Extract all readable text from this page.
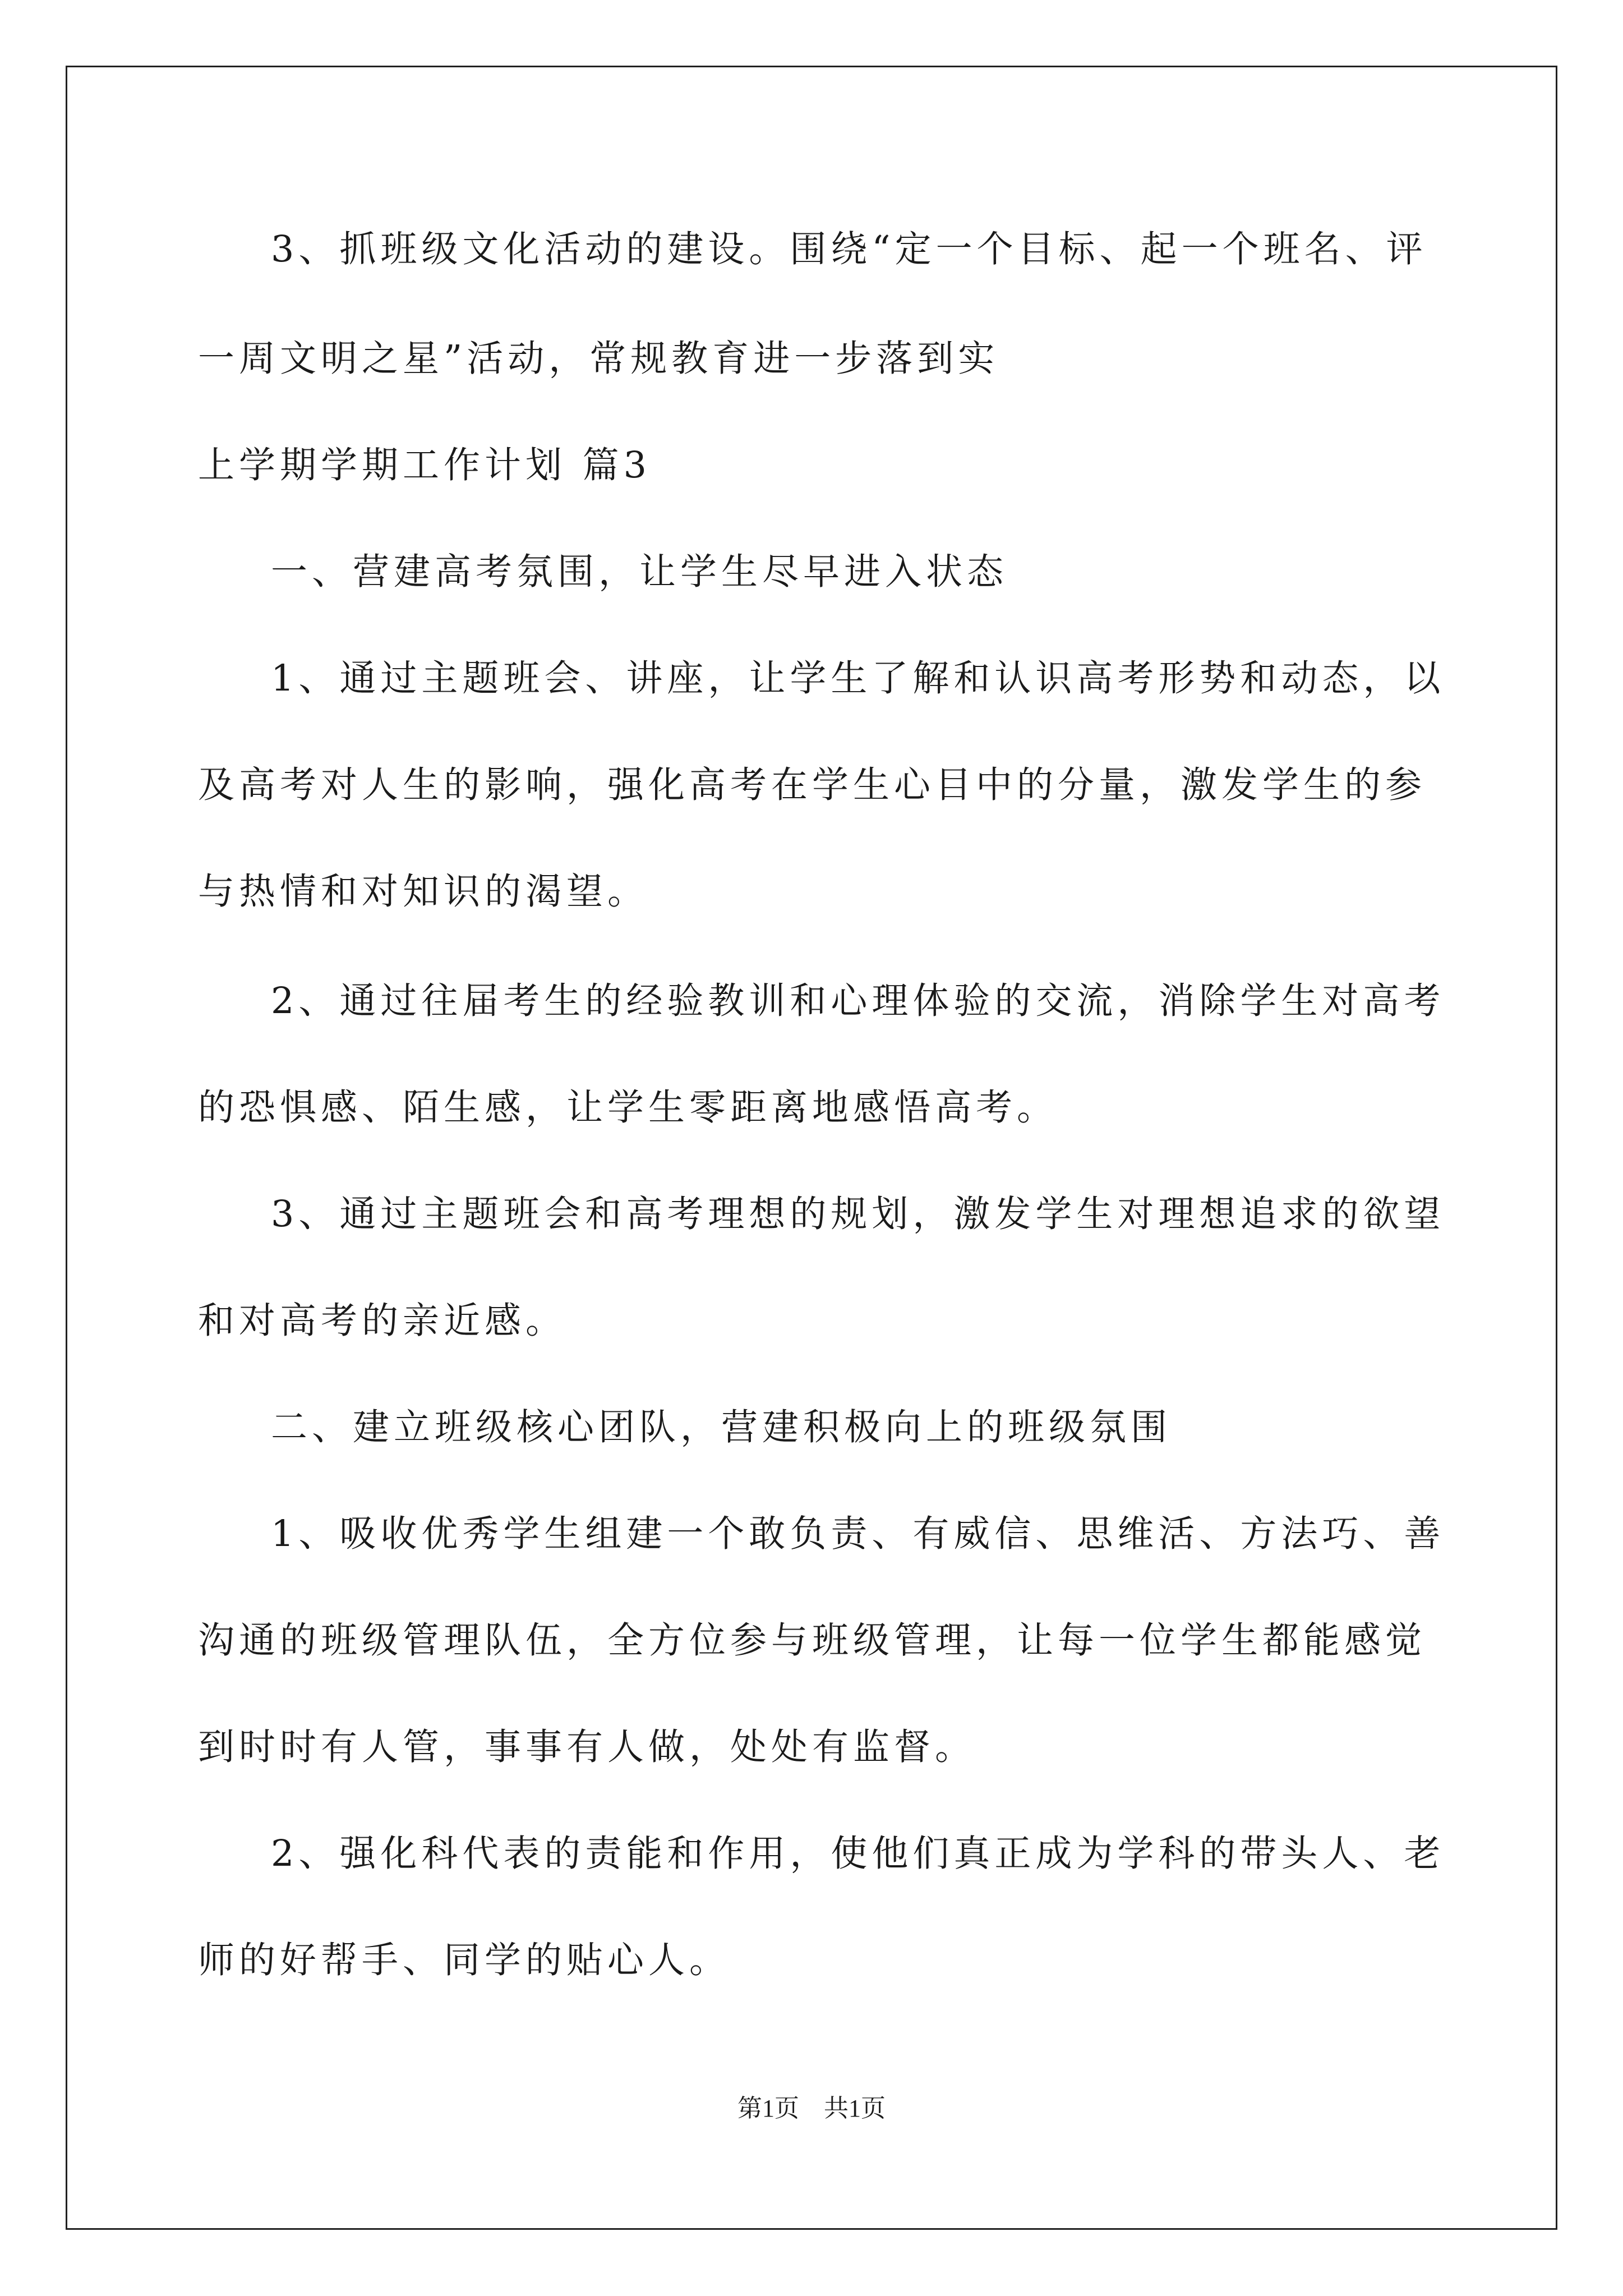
3、抓班级文化活动的建设。围绕“定一个目标、起一个班名、评
一周文明之星”活动，常规教育进一步落到实
上学期学期工作计划 篇3
一、营建高考氛围，让学生尽早进入状态
1、通过主题班会、讲座，让学生了解和认识高考形势和动态，以
及高考对人生的影响，强化高考在学生心目中的分量，激发学生的参
与热情和对知识的渴望。
2、通过往届考生的经验教训和心理体验的交流，消除学生对高考
的恐惧感、陌生感，让学生零距离地感悟高考。
3、通过主题班会和高考理想的规划，激发学生对理想追求的欲望
和对高考的亲近感。
二、建立班级核心团队，营建积极向上的班级氛围
1、吸收优秀学生组建一个敢负责、有威信、思维活、方法巧、善
沟通的班级管理队伍，全方位参与班级管理，让每一位学生都能感觉
到时时有人管，事事有人做，处处有监督。
2、强化科代表的责能和作用，使他们真正成为学科的带头人、老
师的好帮手、同学的贴心人。
第1页　共1页
